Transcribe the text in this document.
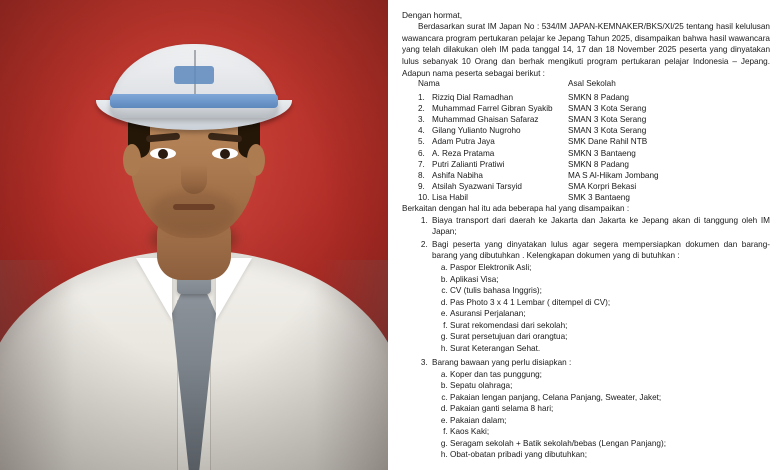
Dengan hormat,

Berdasarkan surat IM Japan No : 534/IM JAPAN-KEMNAKER/BKS/XI/25 tentang hasil kelulusan wawancara program pertukaran pelajar ke Jepang Tahun 2025, disampaikan bahwa hasil wawancara yang telah dilakukan oleh IM pada tanggal 14, 17 dan 18 November 2025 peserta yang dinyatakan lulus sebanyak 10 Orang dan berhak mengikuti program pertukaran pelajar Indonesia – Jepang. Adapun nama peserta sebagai berikut :

Nama	Asal Sekolah
1.	Rizziq Dial Ramadhan	SMKN 8 Padang
2.	Muhammad Farrel Gibran Syakib	SMAN 3 Kota Serang
3.	Muhammad Ghaisan Safaraz	SMAN 3 Kota Serang
4.	Gilang Yulianto Nugroho	SMAN 3 Kota Serang
5.	Adam Putra Jaya	SMK Dane Rahil NTB
6.	A. Reza Pratama	SMKN 3 Bantaeng
7.	Putri Zalianti Pratiwi	SMKN 8 Padang
8.	Ashifa Nabiha	MA S Al-Hikam Jombang
9.	Atsilah Syazwani Tarsyid	SMA Korpri Bekasi
10.	Lisa Habil	SMK 3 Bantaeng

Berkaitan dengan hal itu ada beberapa hal yang disampaikan :

1. Biaya transport dari daerah ke Jakarta dan Jakarta ke Jepang akan di tanggung oleh IM Japan;
2. Bagi peserta yang dinyatakan lulus agar segera mempersiapkan dokumen dan barang-barang yang dibutuhkan . Kelengkapan dokumen yang di butuhkan :
a. Paspor Elektronik Asli;
b. Aplikasi Visa;
c. CV (tulis bahasa Inggris);
d. Pas Photo 3 x 4 1 Lembar ( ditempel di CV);
e. Asuransi Perjalanan;
f. Surat rekomendasi dari sekolah;
g. Surat persetujuan dari orangtua;
h. Surat Keterangan Sehat.
3. Barang bawaan yang perlu disiapkan :
a. Koper dan tas punggung;
b. Sepatu olahraga;
c. Pakaian lengan panjang, Celana Panjang, Sweater, Jaket;
d. Pakaian ganti selama 8 hari;
e. Pakaian dalam;
f. Kaos Kaki;
g. Seragam sekolah + Batik sekolah/bebas (Lengan Panjang);
h. Obat-obatan pribadi yang dibutuhkan;
